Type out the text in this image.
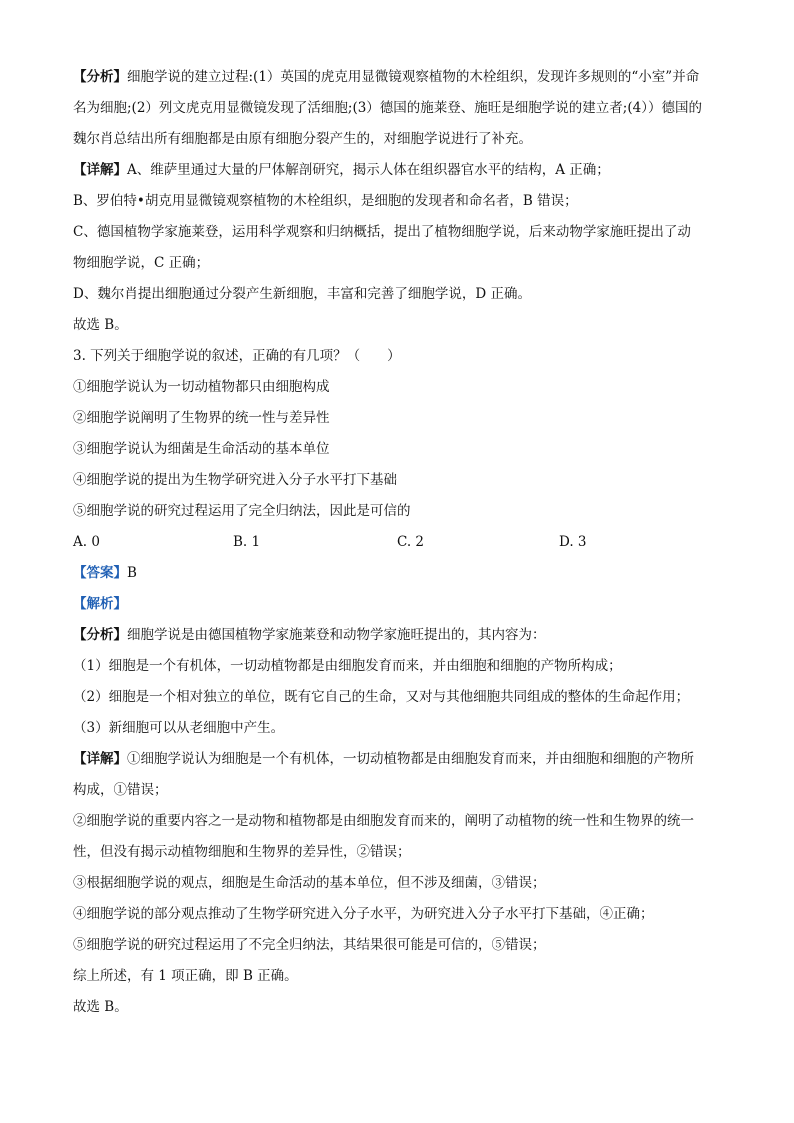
【分析】细胞学说的建立过程:(1）英国的虎克用显微镜观察植物的木栓组织，发现许多规则的“小室”并命
名为细胞;(2）列文虎克用显微镜发现了活细胞;(3）德国的施莱登、施旺是细胞学说的建立者;(4））德国的
魏尔肖总结出所有细胞都是由原有细胞分裂产生的，对细胞学说进行了补充。
【详解】A、维萨里通过大量的尸体解剖研究，揭示人体在组织器官水平的结构，A 正确；
B、罗伯特•胡克用显微镜观察植物的木栓组织，是细胞的发现者和命名者，B 错误；
C、德国植物学家施莱登，运用科学观察和归纳概括，提出了植物细胞学说，后来动物学家施旺提出了动
物细胞学说，C 正确；
D、魏尔肖提出细胞通过分裂产生新细胞，丰富和完善了细胞学说，D 正确。
故选 B。
3. 下列关于细胞学说的叙述，正确的有几项？（　　）
①细胞学说认为一切动植物都只由细胞构成
②细胞学说阐明了生物界的统一性与差异性
③细胞学说认为细菌是生命活动的基本单位
④细胞学说的提出为生物学研究进入分子水平打下基础
⑤细胞学说的研究过程运用了完全归纳法，因此是可信的
A. 0	B. 1	C. 2	D. 3
【答案】B
【解析】
【分析】细胞学说是由德国植物学家施莱登和动物学家施旺提出的，其内容为：
（1）细胞是一个有机体，一切动植物都是由细胞发育而来，并由细胞和细胞的产物所构成；
（2）细胞是一个相对独立的单位，既有它自己的生命，又对与其他细胞共同组成的整体的生命起作用；
（3）新细胞可以从老细胞中产生。
【详解】①细胞学说认为细胞是一个有机体，一切动植物都是由细胞发育而来，并由细胞和细胞的产物所
构成，①错误；
②细胞学说的重要内容之一是动物和植物都是由细胞发育而来的，阐明了动植物的统一性和生物界的统一
性，但没有揭示动植物细胞和生物界的差异性，②错误；
③根据细胞学说的观点，细胞是生命活动的基本单位，但不涉及细菌，③错误；
④细胞学说的部分观点推动了生物学研究进入分子水平，为研究进入分子水平打下基础，④正确；
⑤细胞学说的研究过程运用了不完全归纳法，其结果很可能是可信的，⑤错误；
综上所述，有 1 项正确，即 B 正确。
故选 B。
